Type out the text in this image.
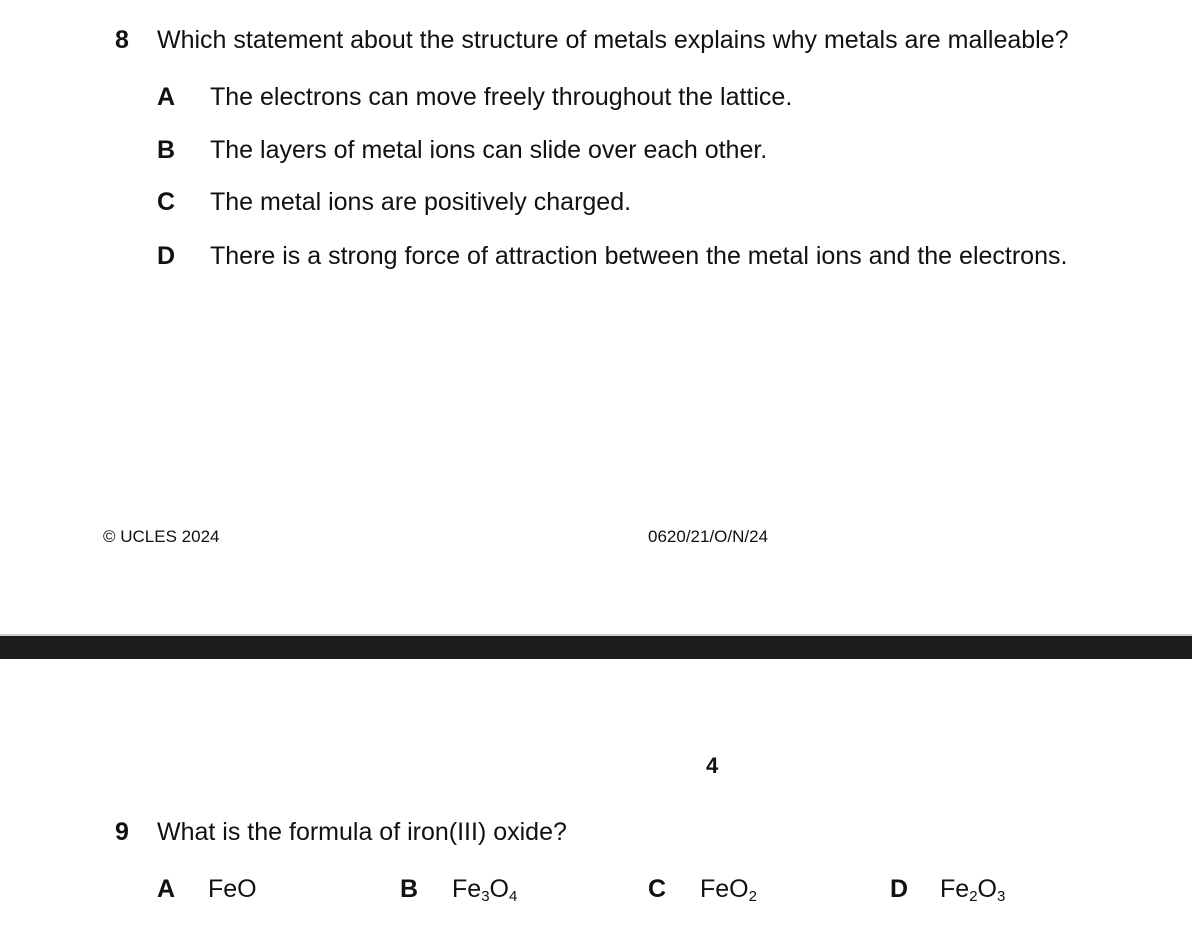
8 Which statement about the structure of metals explains why metals are malleable?
A The electrons can move freely throughout the lattice.
B The layers of metal ions can slide over each other.
C The metal ions are positively charged.
D There is a strong force of attraction between the metal ions and the electrons.
© UCLES 2024	0620/21/O/N/24
4
9 What is the formula of iron(III) oxide?
A FeO	B $Fe_3O_4$	C FeO$_2$	D $Fe_2O_3$
